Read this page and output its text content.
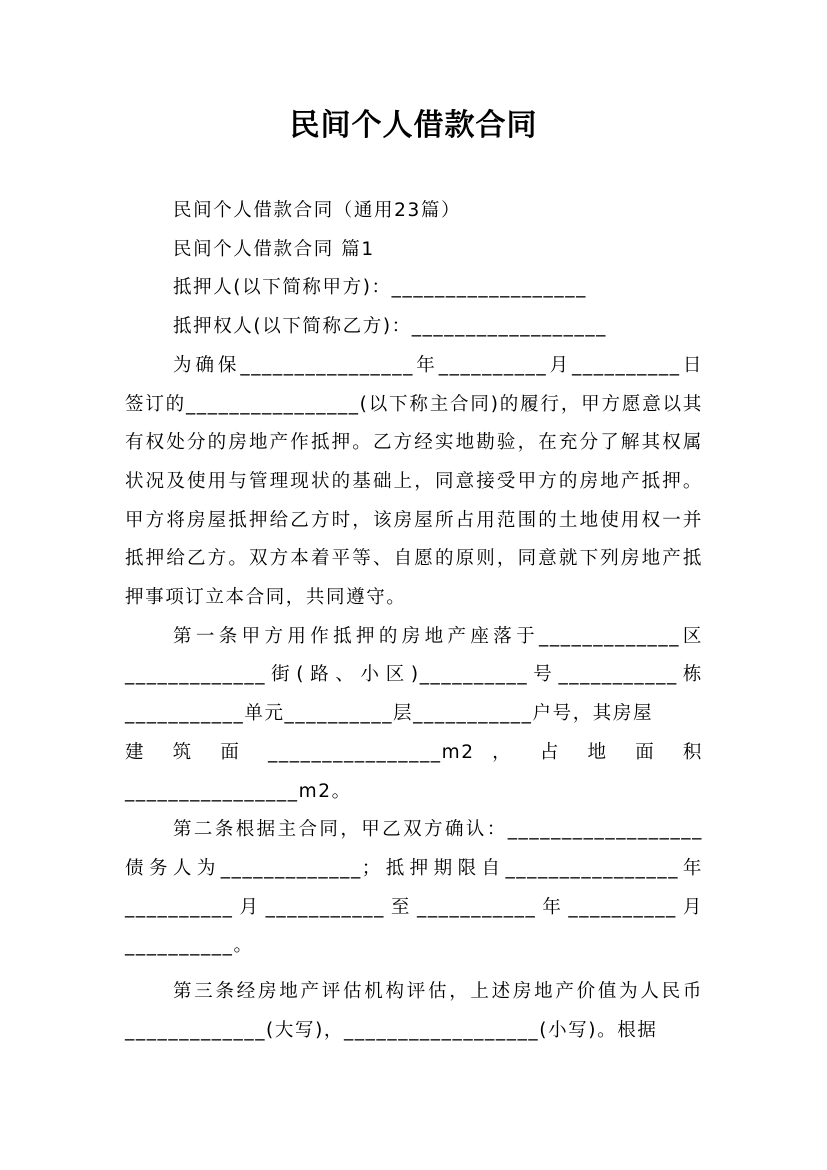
民间个人借款合同

民间个人借款合同（通用23篇）

民间个人借款合同 篇1

抵押人(以下简称甲方)：__________________

抵押权人(以下简称乙方)：__________________

为确保________________年__________月__________日签订的________________(以下称主合同)的履行，甲方愿意以其有权处分的房地产作抵押。乙方经实地勘验，在充分了解其权属状况及使用与管理现状的基础上，同意接受甲方的房地产抵押。甲方将房屋抵押给乙方时，该房屋所占用范围的土地使用权一并抵押给乙方。双方本着平等、自愿的原则，同意就下列房地产抵押事项订立本合同，共同遵守。

第一条甲方用作抵押的房地产座落于_____________区_____________街(路、小区)__________号___________栋___________单元__________层___________户号，其房屋

建 筑 面 ________________m2 ， 占 地 面 积

________________m2。

第二条根据主合同，甲乙双方确认：__________________债务人为_____________；抵押期限自________________年__________月___________至___________年__________月__________。

第三条经房地产评估机构评估，上述房地产价值为人民币_____________(大写)，__________________(小写)。根据
